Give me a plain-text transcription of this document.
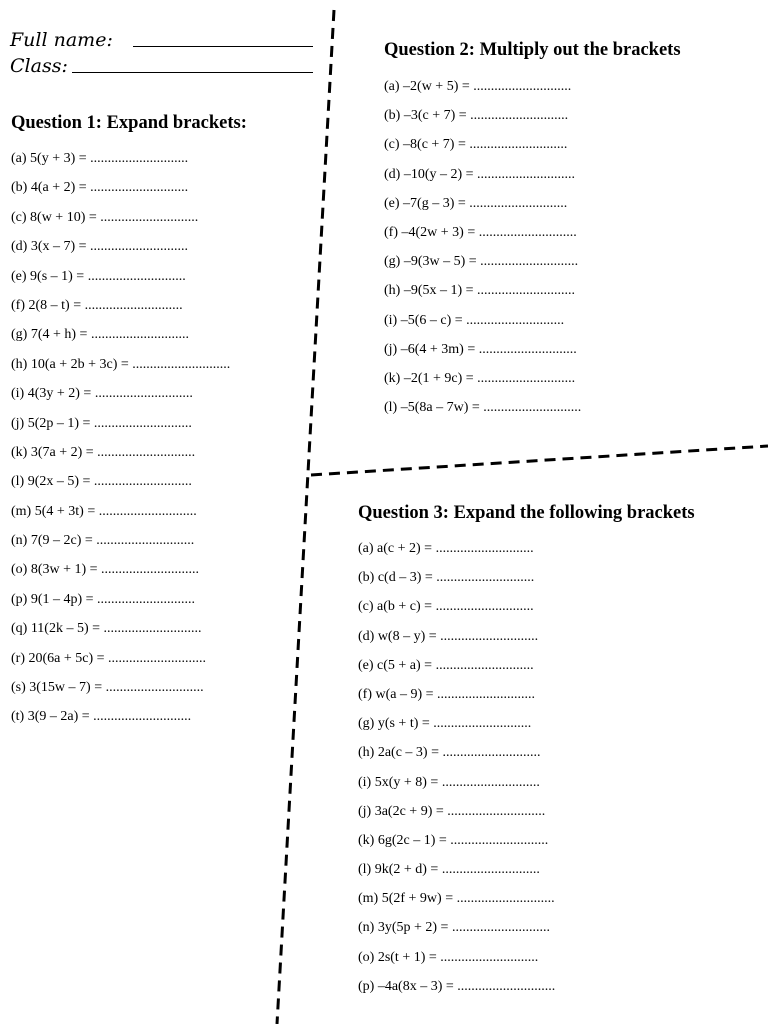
Full name:
Class:
Question 1: Expand brackets:
(a) 5(y + 3) = ............................
(b) 4(a + 2) = ............................
(c) 8(w + 10) = ............................
(d) 3(x – 7) = ............................
(e) 9(s – 1) = ............................
(f) 2(8 – t) = ............................
(g) 7(4 + h) = ............................
(h) 10(a + 2b + 3c) = ............................
(i) 4(3y + 2) = ............................
(j) 5(2p – 1) = ............................
(k) 3(7a + 2) = ............................
(l) 9(2x – 5) = ............................
(m) 5(4 + 3t) = ............................
(n) 7(9 – 2c) = ............................
(o) 8(3w + 1) = ............................
(p) 9(1 – 4p) = ............................
(q) 11(2k – 5) = ............................
(r) 20(6a + 5c) = ............................
(s) 3(15w – 7) = ............................
(t) 3(9 – 2a) = ............................
Question 2: Multiply out the brackets
(a) –2(w + 5) = ............................
(b) –3(c + 7) = ............................
(c) –8(c + 7) = ............................
(d) –10(y – 2) = ............................
(e) –7(g – 3) = ............................
(f) –4(2w + 3) = ............................
(g) –9(3w – 5) = ............................
(h) –9(5x – 1) = ............................
(i) –5(6 – c) = ............................
(j) –6(4 + 3m) = ............................
(k) –2(1 + 9c) = ............................
(l) –5(8a – 7w) = ............................
Question 3: Expand the following brackets
(a) a(c + 2) = ............................
(b) c(d – 3) = ............................
(c) a(b + c) = ............................
(d) w(8 – y) = ............................
(e) c(5 + a) = ............................
(f) w(a – 9) = ............................
(g) y(s + t) = ............................
(h) 2a(c – 3) = ............................
(i) 5x(y + 8) = ............................
(j) 3a(2c + 9) = ............................
(k) 6g(2c – 1) = ............................
(l) 9k(2 + d) = ............................
(m) 5(2f + 9w) = ............................
(n) 3y(5p + 2) = ............................
(o) 2s(t + 1) = ............................
(p) –4a(8x – 3) = ............................
